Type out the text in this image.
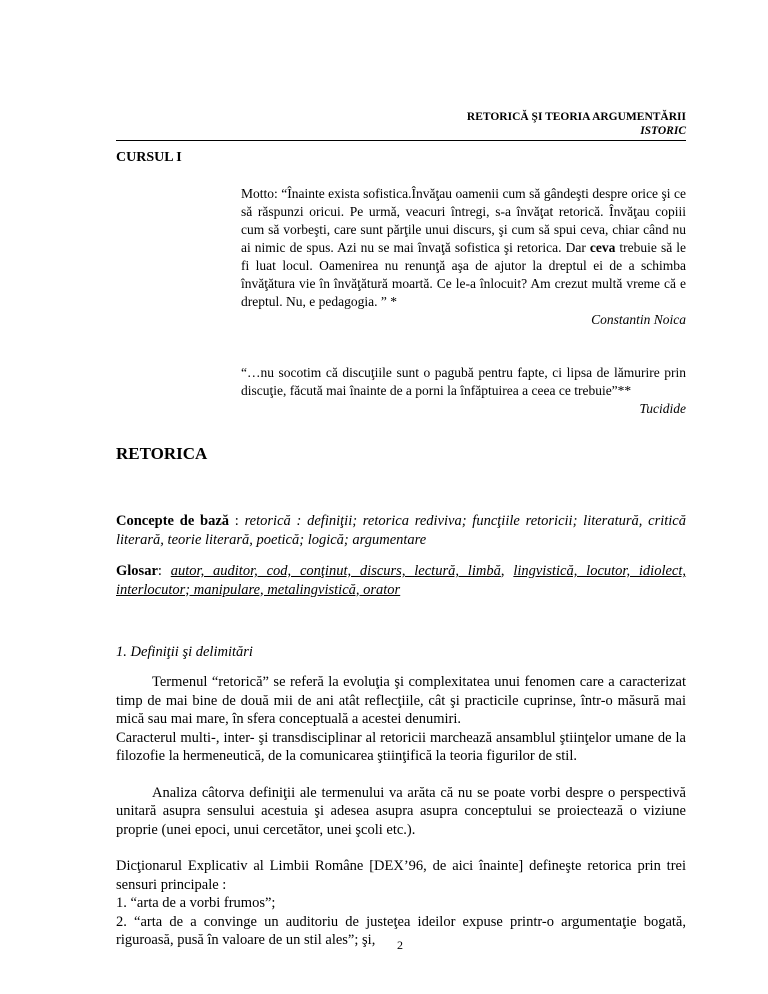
RETORICĂ ŞI TEORIA ARGUMENTĂRII
ISTORIC
CURSUL I

Motto: “Înainte exista sofistica.Învăţau oamenii cum să gândeşti despre orice şi ce să răspunzi oricui. Pe urmă, veacuri întregi, s-a învăţat retorică. Învăţau copiii cum să vorbeşti, care sunt părţile unui discurs, şi cum să spui ceva, chiar când nu ai nimic de spus. Azi nu se mai învaţă sofistica şi retorica. Dar ceva trebuie să le fi luat locul. Oamenirea nu renunţă aşa de ajutor la dreptul ei de a schimba învăţătura vie în învăţătură moartă. Ce le-a înlocuit? Am crezut multă vreme că e dreptul. Nu, e pedagogia. ” *

Constantin Noica

“…nu socotim că discuţiile sunt o pagubă pentru fapte, ci lipsa de lămurire prin discuţie, făcută mai înainte de a porni la înfăptuirea a ceea ce trebuie”**

Tucidide

RETORICA

Concepte de bază : retorică : definiţii; retorica rediviva; funcţiile retoricii; literatură, critică literară, teorie literară, poetică; logică; argumentare

Glosar: autor, auditor, cod, conţinut, discurs, lectură, limbă, lingvistică, locutor, idiolect, interlocutor; manipulare, metalingvistică, orator

1. Definiţii şi delimitări

Termenul “retorică” se referă la evoluţia şi complexitatea unui fenomen care a caracterizat timp de mai bine de două mii de ani atât reflecţiile, cât şi practicile cuprinse, într-o măsură mai mică sau mai mare, în sfera conceptuală a acestei denumiri.

Caracterul multi-, inter- şi transdisciplinar al retoricii marchează ansamblul ştiinţelor umane de la filozofie la hermeneutică, de la comunicarea ştiinţifică la teoria figurilor de stil.

Analiza câtorva definiţii ale termenului va arăta că nu se poate vorbi despre o perspectivă unitară asupra sensului acestuia şi adesea asupra asupra conceptului se proiectează o viziune proprie (unei epoci, unui cercetător, unei şcoli etc.).

Dicţionarul Explicativ al Limbii Române [DEX’96, de aici înainte] defineşte retorica prin trei sensuri principale :

1. “arta de a vorbi frumos”;

2. “arta de a convinge un auditoriu de justeţea ideilor expuse printr-o argumentaţie bogată, riguroasă, pusă în valoare de un stil ales”; şi,	2
